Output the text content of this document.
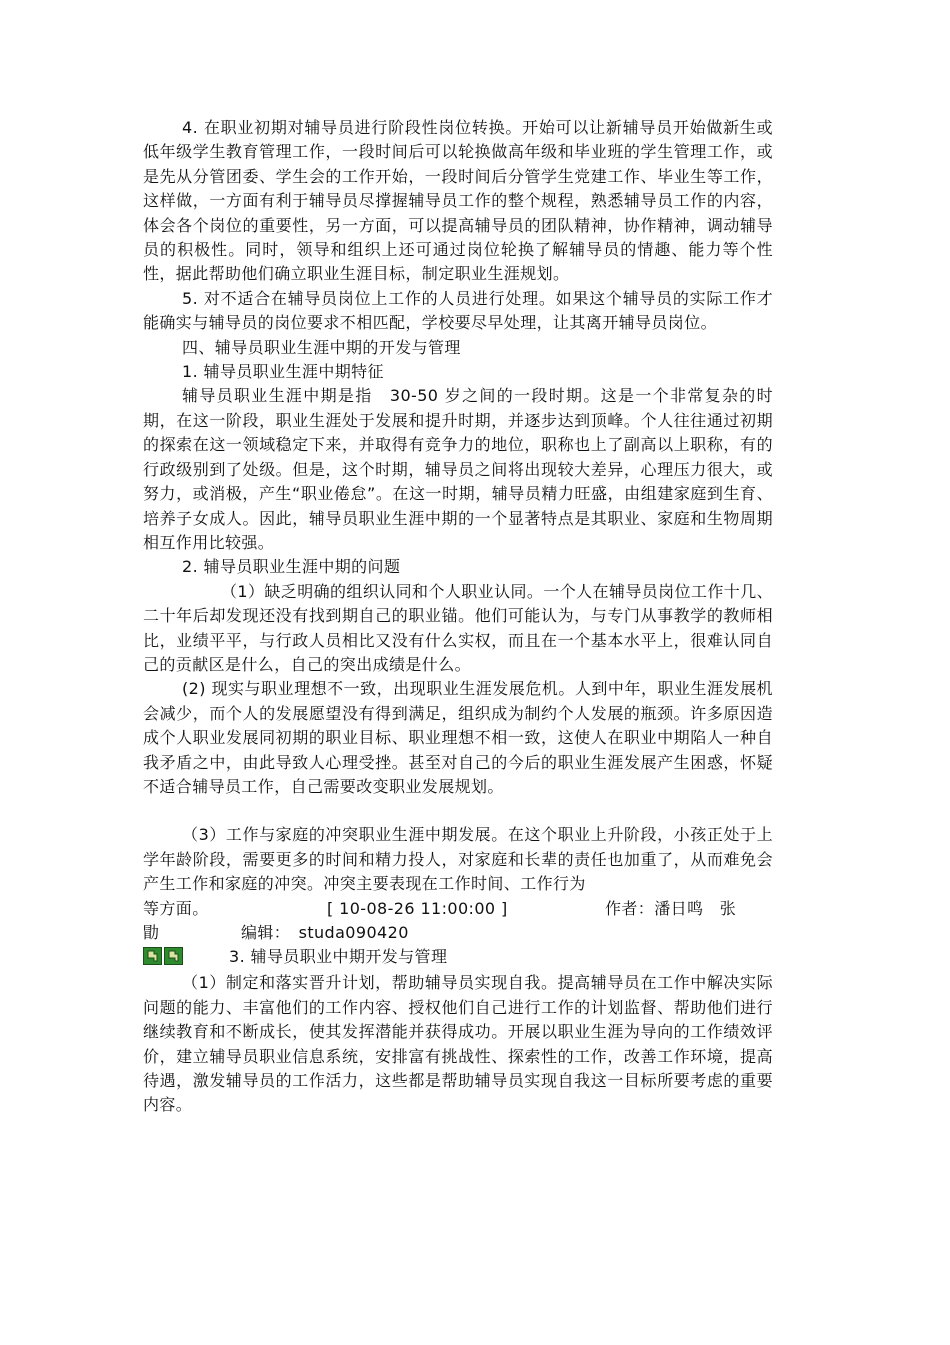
4. 在职业初期对辅导员进行阶段性岗位转换。开始可以让新辅导员开始做新生或低年级学生教育管理工作，一段时间后可以轮换做高年级和毕业班的学生管理工作，或是先从分管团委、学生会的工作开始，一段时间后分管学生党建工作、毕业生等工作，这样做，一方面有利于辅导员尽撑握辅导员工作的整个规程，熟悉辅导员工作的内容，体会各个岗位的重要性，另一方面，可以提高辅导员的团队精神，协作精神，调动辅导员的积极性。同时，领导和组织上还可通过岗位轮换了解辅导员的情趣、能力等个性性，据此帮助他们确立职业生涯目标，制定职业生涯规划。

5. 对不适合在辅导员岗位上工作的人员进行处理。如果这个辅导员的实际工作才能确实与辅导员的岗位要求不相匹配，学校要尽早处理，让其离开辅导员岗位。

四、辅导员职业生涯中期的开发与管理

1. 辅导员职业生涯中期特征

辅导员职业生涯中期是指　30-50 岁之间的一段时期。这是一个非常复杂的时期，在这一阶段，职业生涯处于发展和提升时期，并逐步达到顶峰。个人往往通过初期的探索在这一领域稳定下来，并取得有竞争力的地位，职称也上了副高以上职称，有的行政级别到了处级。但是，这个时期，辅导员之间将出现较大差异，心理压力很大，或努力，或消极，产生“职业倦怠”。在这一时期，辅导员精力旺盛，由组建家庭到生育、培养子女成人。因此，辅导员职业生涯中期的一个显著特点是其职业、家庭和生物周期相互作用比较强。

2. 辅导员职业生涯中期的问题

（1）缺乏明确的组织认同和个人职业认同。一个人在辅导员岗位工作十几、二十年后却发现还没有找到期自己的职业锚。他们可能认为，与专门从事教学的教师相比，业绩平平，与行政人员相比又没有什么实权，而且在一个基本水平上，很难认同自己的贡献区是什么，自己的突出成绩是什么。

(2) 现实与职业理想不一致，出现职业生涯发展危机。人到中年，职业生涯发展机会减少，而个人的发展愿望没有得到满足，组织成为制约个人发展的瓶颈。许多原因造成个人职业发展同初期的职业目标、职业理想不相一致，这使人在职业中期陷人一种自我矛盾之中，由此导致人心理受挫。甚至对自己的今后的职业生涯发展产生困惑，怀疑不适合辅导员工作，自己需要改变职业发展规划。

（3）工作与家庭的冲突职业生涯中期发展。在这个职业上升阶段，小孩正处于上学年龄阶段，需要更多的时间和精力投人，对家庭和长辈的责任也加重了，从而难免会产生工作和家庭的冲突。冲突主要表现在工作时间、工作行为

等方面。	[ 10-08-26 11:00:00 ]	作者：潘日鸣　张
勖	编辑：　studa090420
3. 辅导员职业中期开发与管理

（1）制定和落实晋升计划，帮助辅导员实现自我。提高辅导员在工作中解决实际问题的能力、丰富他们的工作内容、授权他们自己进行工作的计划监督、帮助他们进行继续教育和不断成长，使其发挥潜能并获得成功。开展以职业生涯为导向的工作绩效评价，建立辅导员职业信息系统，安排富有挑战性、探索性的工作，改善工作环境，提高待遇，激发辅导员的工作活力，这些都是帮助辅导员实现自我这一目标所要考虑的重要内容。
